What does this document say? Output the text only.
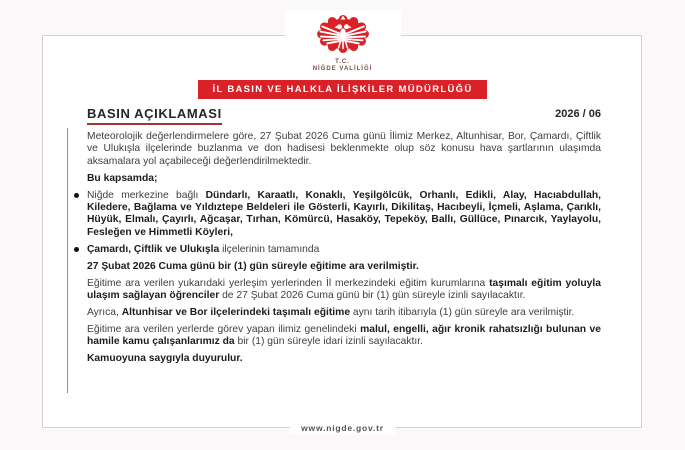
T.C.
NİĞDE VALİLİĞİ
İL BASIN VE HALKLA İLİŞKİLER MÜDÜRLÜĞÜ
BASIN AÇIKLAMASI	2026 / 06

Meteorolojik değerlendirmelere göre, 27 Şubat 2026 Cuma günü İlimiz Merkez, Altunhisar, Bor, Çamardı, Çiftlik ve Ulukışla ilçelerinde buzlanma ve don hadisesi beklenmekte olup söz konusu hava şartlarının ulaşımda aksamalara yol açabileceği değerlendirilmektedir.

Bu kapsamda;

Niğde merkezine bağlı Dündarlı, Karaatlı, Konaklı, Yeşilgölcük, Orhanlı, Edikli, Alay, Hacıabdullah, Kiledere, Bağlama ve Yıldıztepe Beldeleri ile Gösterli, Kayırlı, Dikilitaş, Hacıbeyli, İçmeli, Aşlama, Çarıklı, Hüyük, Elmalı, Çayırlı, Ağcaşar, Tırhan, Kömürcü, Hasaköy, Tepeköy, Ballı, Güllüce, Pınarcık, Yaylayolu, Fesleğen ve Himmetli Köyleri,

Çamardı, Çiftlik ve Ulukışla ilçelerinin tamamında

27 Şubat 2026 Cuma günü bir (1) gün süreyle eğitime ara verilmiştir.

Eğitime ara verilen yukarıdaki yerleşim yerlerinden İl merkezindeki eğitim kurumlarına taşımalı eğitim yoluyla ulaşım sağlayan öğrenciler de 27 Şubat 2026 Cuma günü bir (1) gün süreyle izinli sayılacaktır.

Ayrıca, Altunhisar ve Bor ilçelerindeki taşımalı eğitime aynı tarih itibarıyla (1) gün süreyle ara verilmiştir.

Eğitime ara verilen yerlerde görev yapan ilimiz genelindeki malul, engelli, ağır kronik rahatsızlığı bulunan ve hamile kamu çalışanlarımız da bir (1) gün süreyle idari izinli sayılacaktır.

Kamuoyuna saygıyla duyurulur.

www.nigde.gov.tr
